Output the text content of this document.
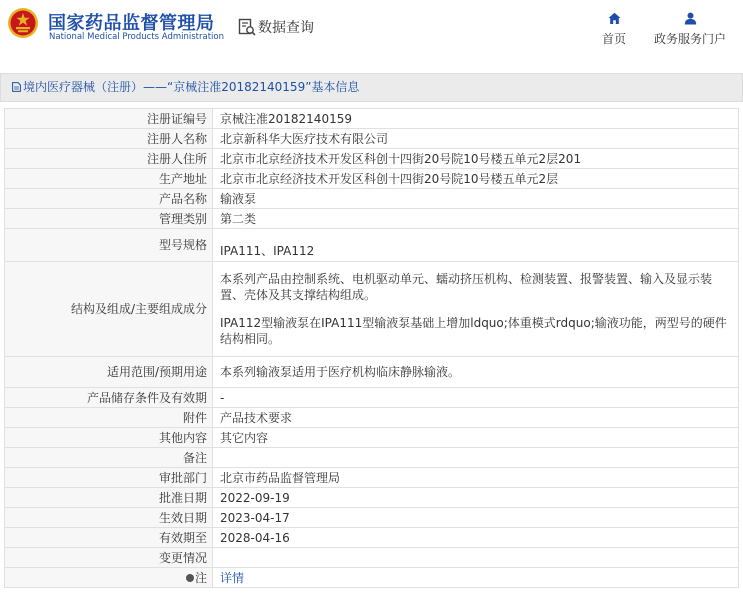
国家药品监督管理局
National Medical Products Administration
数据查询
首页 政务服务门户
境内医疗器械（注册）——“京械注准20182140159”基本信息
注册证编号	京械注准20182140159
注册人名称	北京新科华大医疗技术有限公司
注册人住所	北京市北京经济技术开发区科创十四街20号院10号楼五单元2层201
生产地址	北京市北京经济技术开发区科创十四街20号院10号楼五单元2层
产品名称	输液泵
管理类别	第二类
型号规格	IPA111、IPA112
结构及组成/主要组成成分	本系列产品由控制系统、电机驱动单元、蠕动挤压机构、检测装置、报警装置、输入及显示装置、壳体及其支撑结构组成。

IPA112型输液泵在IPA111型输液泵基础上增加ldquo;体重模式rdquo;输液功能，两型号的硬件结构相同。

适用范围/预期用途	本系列输液泵适用于医疗机构临床静脉输液。
产品储存条件及有效期	-
附件	产品技术要求
其他内容	其它内容
备注	
审批部门	北京市药品监督管理局
批准日期	2022-09-19
生效日期	2023-04-17
有效期至	2028-04-16
变更情况	
注	详情
